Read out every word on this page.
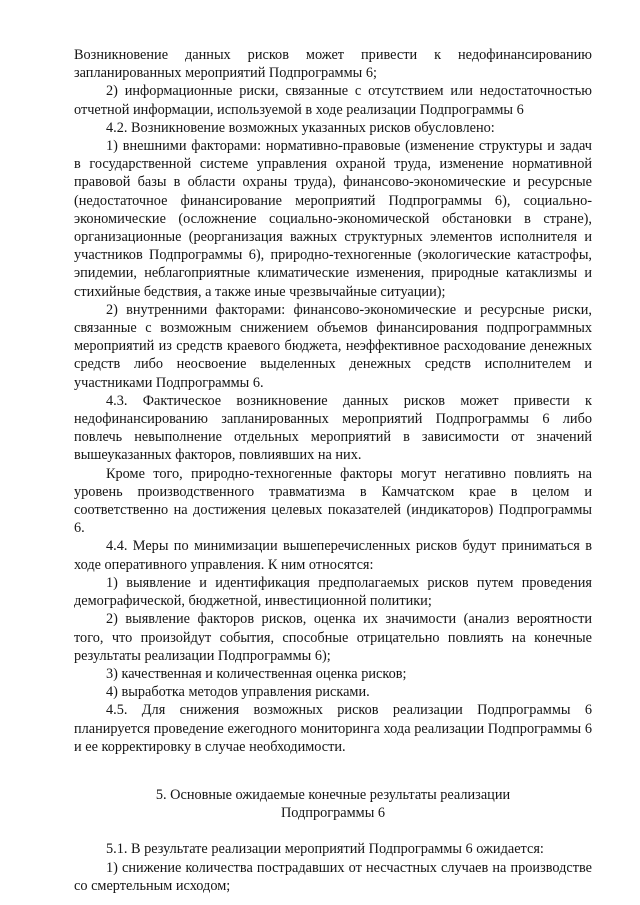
Возникновение данных рисков может привести к недофинансированию запланированных мероприятий Подпрограммы 6;

2) информационные риски, связанные с отсутствием или недостаточностью отчетной информации, используемой в ходе реализации Подпрограммы 6

4.2. Возникновение возможных указанных рисков обусловлено:

1) внешними факторами: нормативно-правовые (изменение структуры и задач в государственной системе управления охраной труда, изменение нормативной правовой базы в области охраны труда), финансово-экономические и ресурсные (недостаточное финансирование мероприятий Подпрограммы 6), социально-экономические (осложнение социально-экономической обстановки в стране), организационные (реорганизация важных структурных элементов исполнителя и участников Подпрограммы 6), природно-техногенные (экологические катастрофы, эпидемии, неблагоприятные климатические изменения, природные катаклизмы и стихийные бедствия, а также иные чрезвычайные ситуации);

2) внутренними факторами: финансово-экономические и ресурсные риски, связанные с возможным снижением объемов финансирования подпрограммных мероприятий из средств краевого бюджета, неэффективное расходование денежных средств либо неосвоение выделенных денежных средств исполнителем и участниками Подпрограммы 6.

4.3. Фактическое возникновение данных рисков может привести к недофинансированию запланированных мероприятий Подпрограммы 6 либо повлечь невыполнение отдельных мероприятий в зависимости от значений вышеуказанных факторов, повлиявших на них.

Кроме того, природно-техногенные факторы могут негативно повлиять на уровень производственного травматизма в Камчатском крае в целом и соответственно на достижения целевых показателей (индикаторов) Подпрограммы 6.

4.4. Меры по минимизации вышеперечисленных рисков будут приниматься в ходе оперативного управления. К ним относятся:

1) выявление и идентификация предполагаемых рисков путем проведения демографической, бюджетной, инвестиционной политики;

2) выявление факторов рисков, оценка их значимости (анализ вероятности того, что произойдут события, способные отрицательно повлиять на конечные результаты реализации Подпрограммы 6);

3) качественная и количественная оценка рисков;

4) выработка методов управления рисками.

4.5. Для снижения возможных рисков реализации Подпрограммы 6 планируется проведение ежегодного мониторинга хода реализации Подпрограммы 6 и ее корректировку в случае необходимости.

5. Основные ожидаемые конечные результаты реализации

Подпрограммы 6

5.1. В результате реализации мероприятий Подпрограммы 6 ожидается:

1) снижение количества пострадавших от несчастных случаев на производстве со смертельным исходом;
